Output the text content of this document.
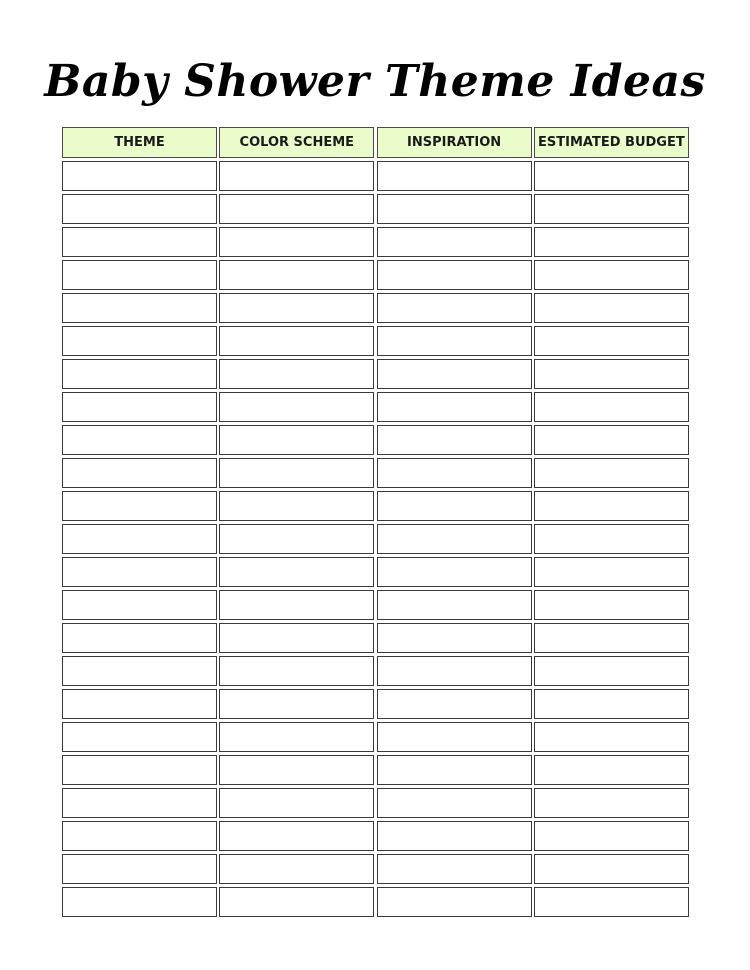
Baby Shower Theme Ideas
THEME	COLOR SCHEME	INSPIRATION	ESTIMATED BUDGET
